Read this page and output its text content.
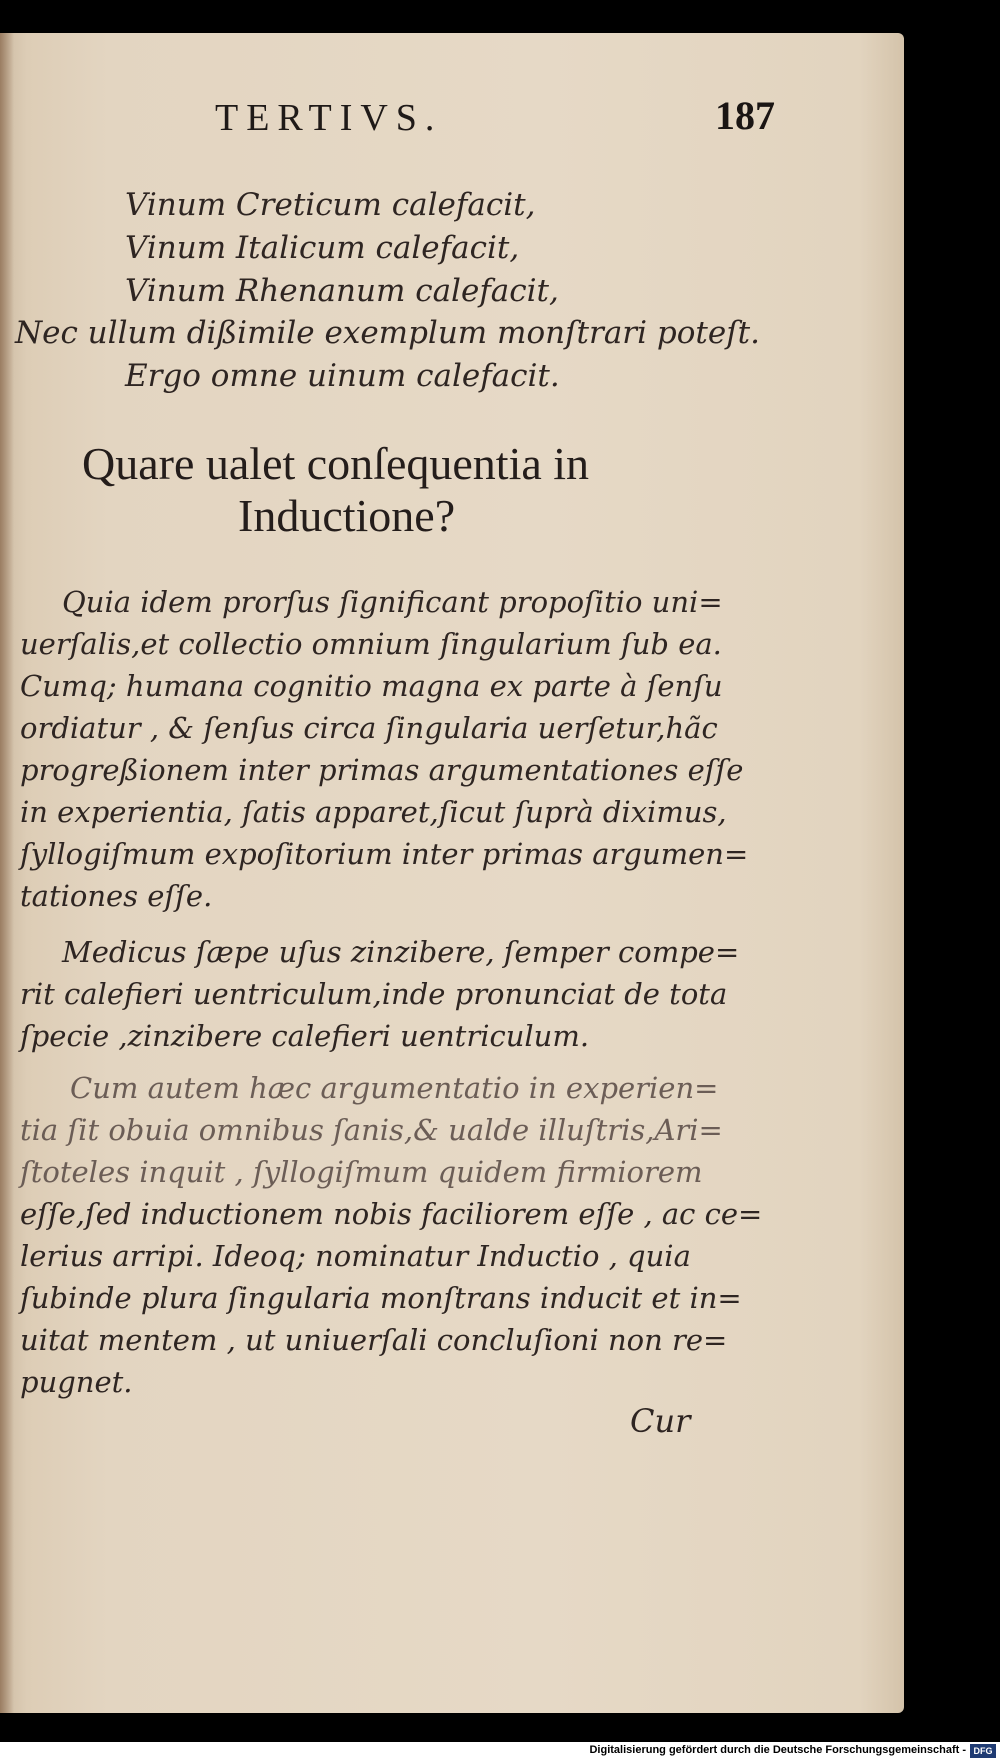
TERTIVS.	187
Vinum Creticum calefacit,
Vinum Italicum calefacit,
Vinum Rhenanum calefacit,
Nec ullum dißimile exemplum monſtrari poteſt.
Ergo omne uinum calefacit.
Quare ualet conſequentia in
Inductione?
Quia idem prorſus ſignificant propoſitio uni=
uerſalis,et collectio omnium ſingularium ſub ea.
Cumq; humana cognitio magna ex parte à ſenſu
ordiatur , & ſenſus circa ſingularia uerſetur,hãc
progreßionem inter primas argumentationes eſſe
in experientia, ſatis apparet,ſicut ſuprà diximus,
ſyllogiſmum expoſitorium inter primas argumen=
tationes eſſe.
Medicus ſæpe uſus zinzibere, ſemper compe=
rit calefieri uentriculum,inde pronunciat de tota
ſpecie ,zinzibere calefieri uentriculum.
Cum autem hæc argumentatio in experien=
tia ſit obuia omnibus ſanis,& ualde illuſtris,Ari=
ſtoteles inquit , ſyllogiſmum quidem firmiorem
eſſe,ſed inductionem nobis faciliorem eſſe , ac ce=
lerius arripi. Ideoq; nominatur Inductio , quia
ſubinde plura ſingularia monſtrans inducit et in=
uitat mentem , ut uniuerſali concluſioni non re=
pugnet.
Cur
Digitalisierung gefördert durch die Deutsche Forschungsgemeinschaft - DFG
